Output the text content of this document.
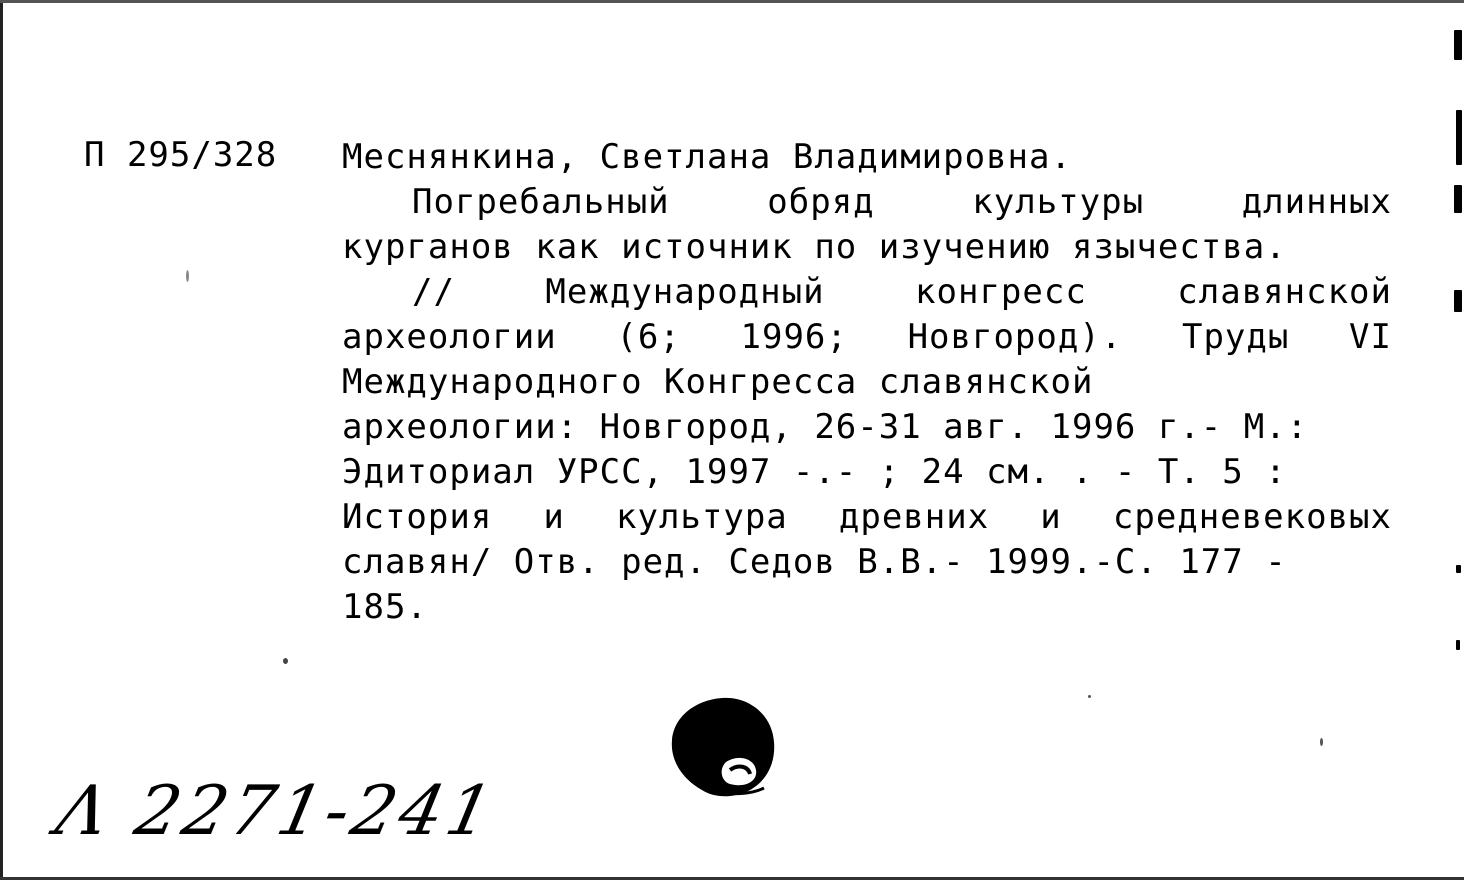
П 295/328 Меснянкина, Светлана Владимировна.
Погребальный обряд культуры длинных
курганов как источник по изучению язычества.
// Международный конгресс славянской
археологии (6; 1996; Новгород). Труды VI
Международного Конгресса славянской
археологии: Новгород, 26-31 авг. 1996 г.- М.:
Эдиториал УРСС, 1997 -.- ; 24 см. . - Т. 5 :
История и культура древних и средневековых
славян/ Отв. ред. Седов В.В.- 1999.-С. 177 -
185.
Λ 2271-241
